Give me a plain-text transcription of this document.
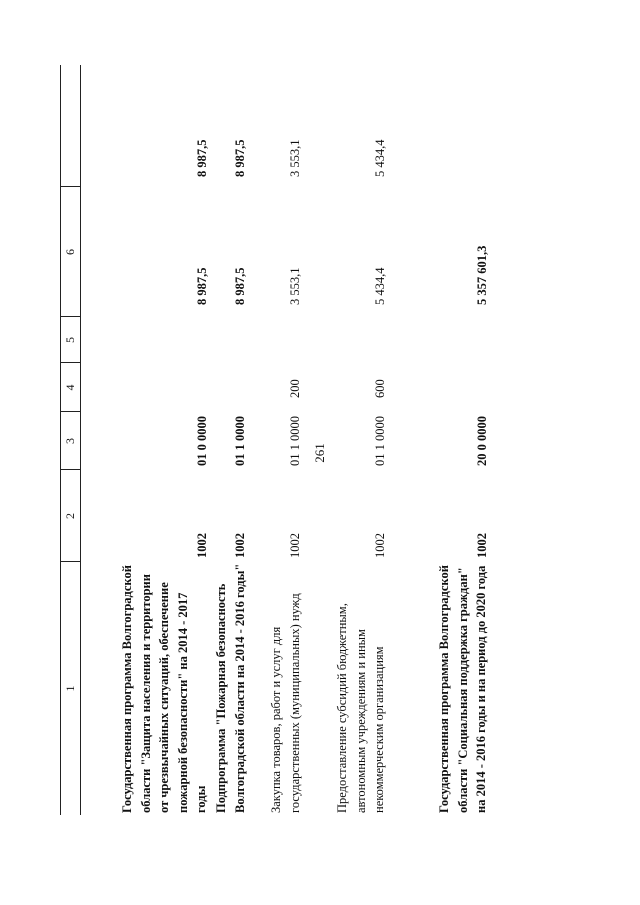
261
1
2
3
4
5
6
Государственная программа Волгоградской области "Защита населения и территории от чрезвычайных ситуаций, обеспечение пожарной безопасности" на 2014 - 2017 годы
1002
01 0 0000
8 987,5
8 987,5
Подпрограмма "Пожарная безопасность Волгоградской области на 2014 - 2016 годы"
1002
01 1 0000
8 987,5
8 987,5
Закупка товаров, работ и услуг для государственных (муниципальных) нужд
1002
01 1 0000
200
3 553,1
3 553,1
Предоставление субсидий бюджетным, автономным учреждениям и иным некоммерческим организациям
1002
01 1 0000
600
5 434,4
5 434,4
Государственная программа Волгоградской области "Социальная поддержка граждан" на 2014 - 2016 годы и на период до 2020 года
1002
20 0 0000
5 357 601,3
